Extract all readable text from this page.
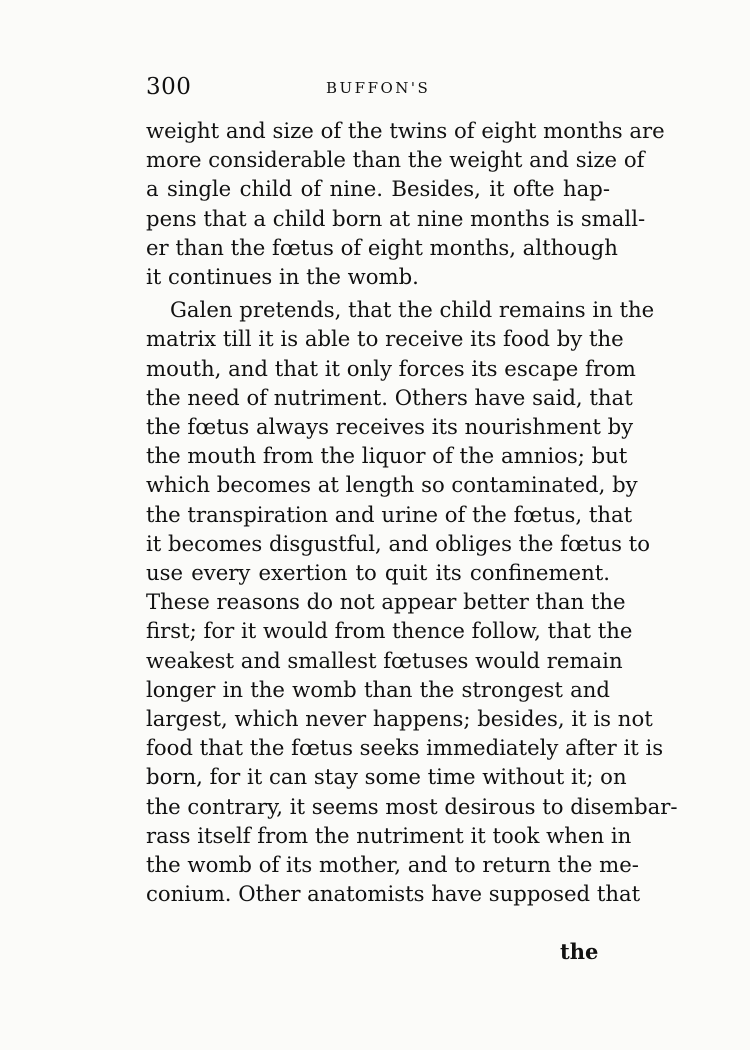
300	BUFFON'S
weight and size of the twins of eight months are
more considerable than the weight and size of
a single child of nine. Besides, it ofte hap-
pens that a child born at nine months is small-
er than the fœtus of eight months, although
it continues in the womb.
Galen pretends, that the child remains in the
matrix till it is able to receive its food by the
mouth, and that it only forces its escape from
the need of nutriment. Others have said, that
the fœtus always receives its nourishment by
the mouth from the liquor of the amnios; but
which becomes at length so contaminated, by
the transpiration and urine of the fœtus, that
it becomes disgustful, and obliges the fœtus to
use every exertion to quit its confinement.
These reasons do not appear better than the
first; for it would from thence follow, that the
weakest and smallest fœtuses would remain
longer in the womb than the strongest and
largest, which never happens; besides, it is not
food that the fœtus seeks immediately after it is
born, for it can stay some time without it; on
the contrary, it seems most desirous to disembar-
rass itself from the nutriment it took when in
the womb of its mother, and to return the me-
conium. Other anatomists have supposed that
the
